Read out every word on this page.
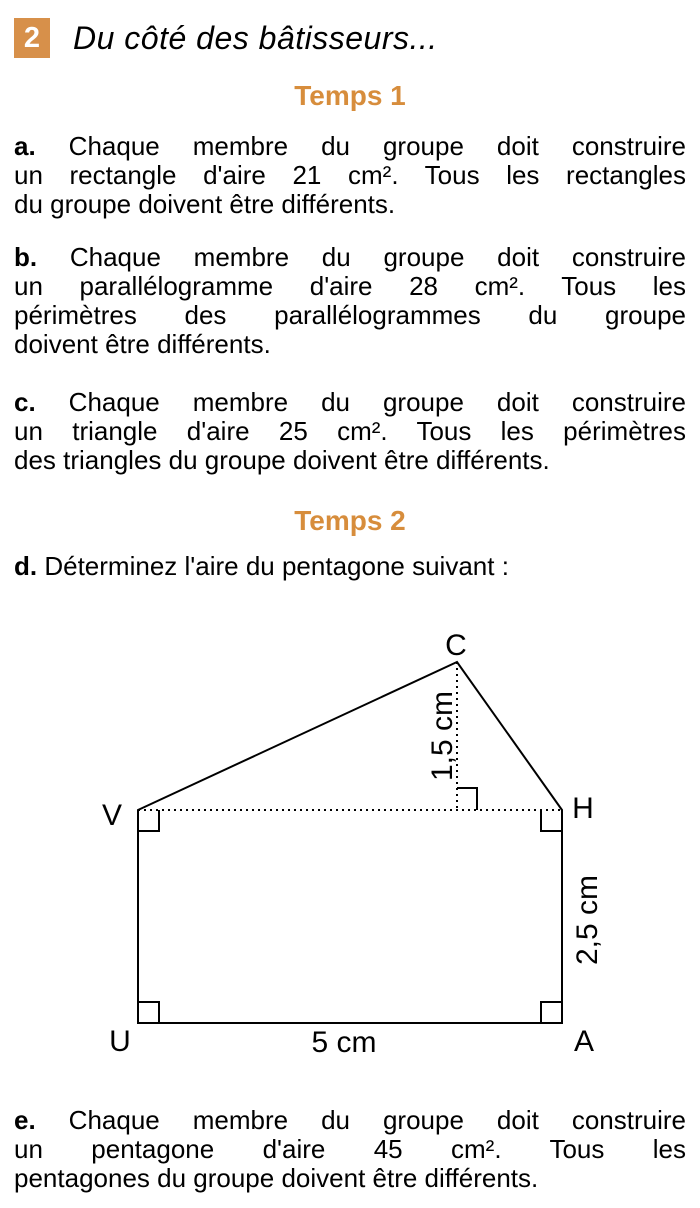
2	Du côté des bâtisseurs...
Temps 1
a. Chaque membre du groupe doit construire
un rectangle d'aire 21 cm². Tous les rectangles
du groupe doivent être différents.
b. Chaque membre du groupe doit construire
un parallélogramme d'aire 28 cm². Tous les
périmètres des parallélogrammes du groupe
doivent être différents.
c. Chaque membre du groupe doit construire
un triangle d'aire 25 cm². Tous les périmètres
des triangles du groupe doivent être différents.
Temps 2
d. Déterminez l'aire du pentagone suivant :
C
V	H
U	A
1,5 cm
2,5 cm
5 cm
e. Chaque membre du groupe doit construire
un pentagone d'aire 45 cm². Tous les
pentagones du groupe doivent être différents.
